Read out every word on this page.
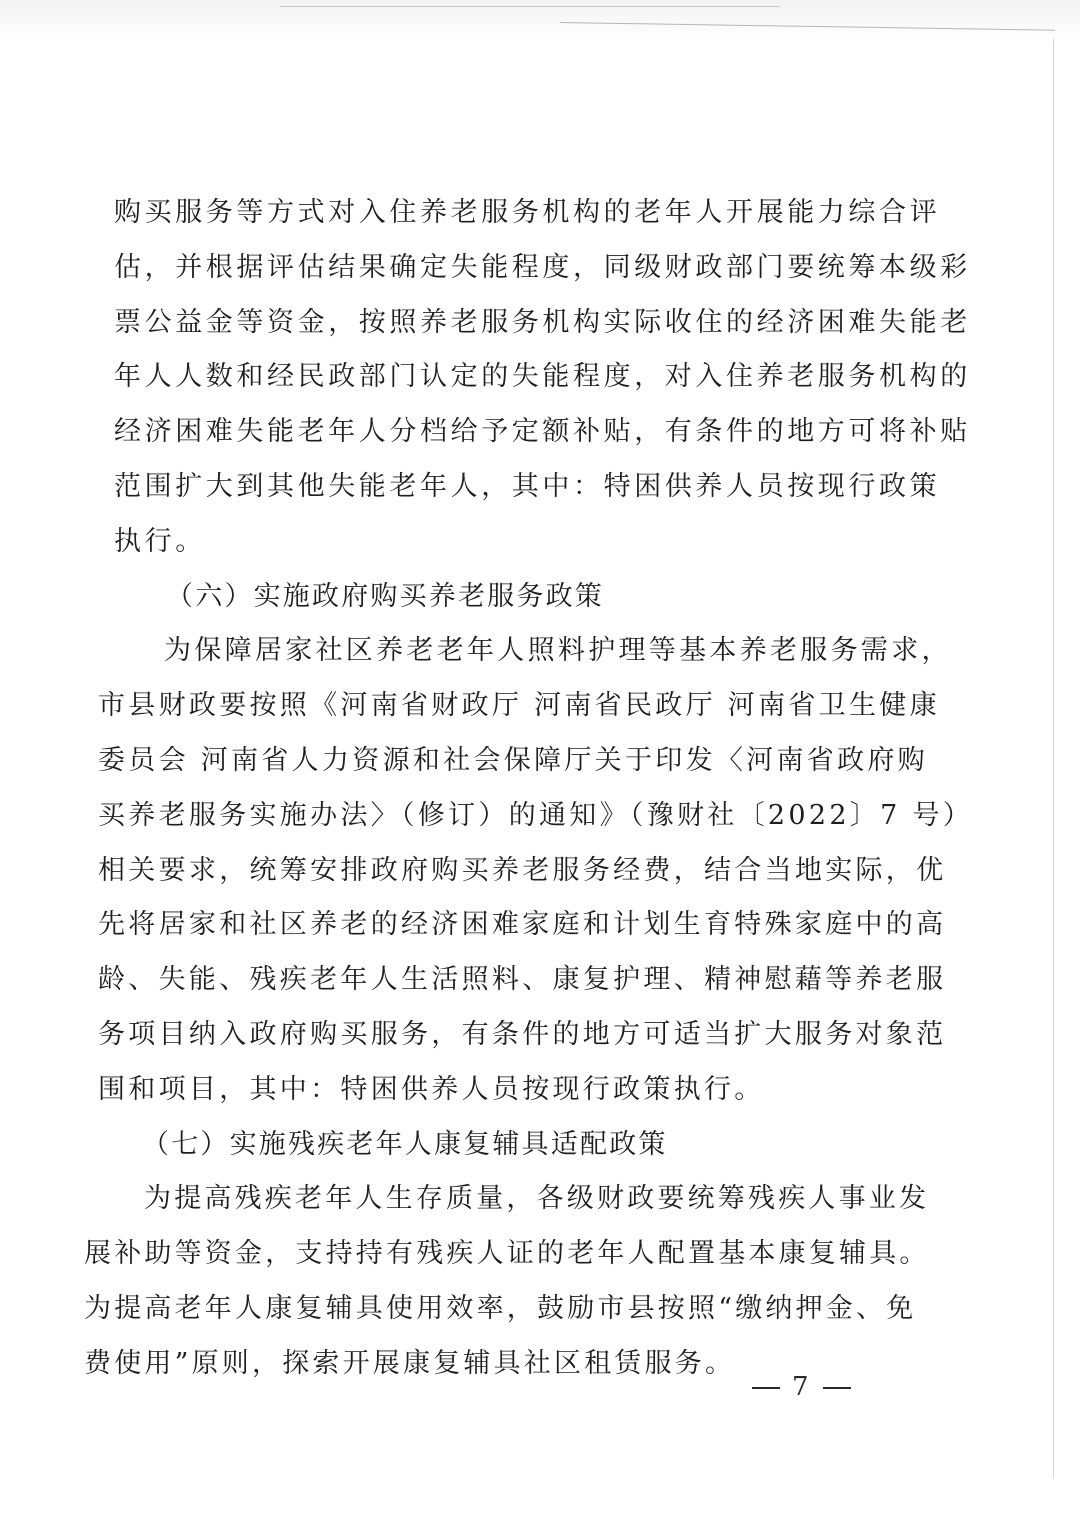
购买服务等方式对入住养老服务机构的老年人开展能力综合评
估，并根据评估结果确定失能程度，同级财政部门要统筹本级彩
票公益金等资金，按照养老服务机构实际收住的经济困难失能老
年人人数和经民政部门认定的失能程度，对入住养老服务机构的
经济困难失能老年人分档给予定额补贴，有条件的地方可将补贴
范围扩大到其他失能老年人，其中：特困供养人员按现行政策
执行。

（六）实施政府购买养老服务政策

为保障居家社区养老老年人照料护理等基本养老服务需求，
市县财政要按照《河南省财政厅 河南省民政厅 河南省卫生健康
委员会 河南省人力资源和社会保障厅关于印发〈河南省政府购
买养老服务实施办法〉（修订）的通知》（豫财社〔2022〕7 号）
相关要求，统筹安排政府购买养老服务经费，结合当地实际，优
先将居家和社区养老的经济困难家庭和计划生育特殊家庭中的高
龄、失能、残疾老年人生活照料、康复护理、精神慰藉等养老服
务项目纳入政府购买服务，有条件的地方可适当扩大服务对象范
围和项目，其中：特困供养人员按现行政策执行。

（七）实施残疾老年人康复辅具适配政策

为提高残疾老年人生存质量，各级财政要统筹残疾人事业发
展补助等资金，支持持有残疾人证的老年人配置基本康复辅具。
为提高老年人康复辅具使用效率，鼓励市县按照“缴纳押金、免
费使用”原则，探索开展康复辅具社区租赁服务。
7
